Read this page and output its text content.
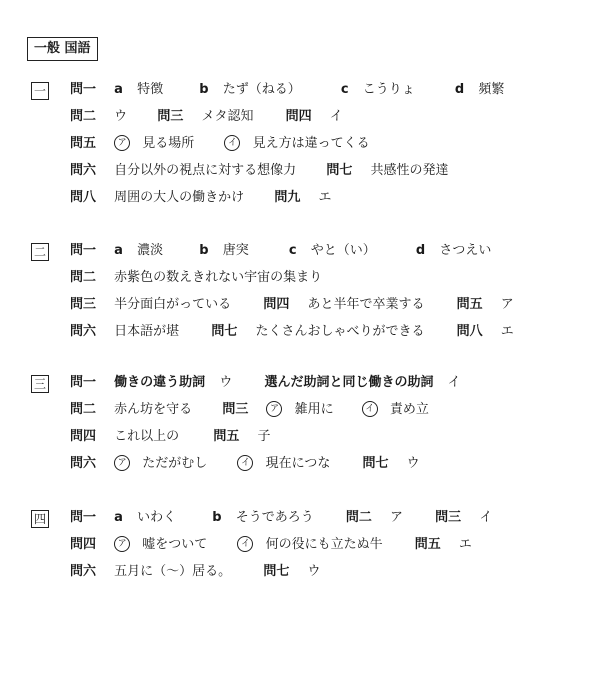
一般 国語
一 問一 a 特徴	b たず（ねる）	c こうりょ	d 頻繁
問二 ウ 問三 メタ認知 問四 イ
問五 ア 見る場所	イ 見え方は違ってくる
問六 自分以外の視点に対する想像力 問七 共感性の発達
問八 周囲の大人の働きかけ 問九 エ
二 問一 a 濃淡	b 唐突	c やと（い）	d さつえい
問二 赤紫色の数えきれない宇宙の集まり
問三 半分面白がっている 問四 あと半年で卒業する 問五 ア
問六 日本語が堪 問七 たくさんおしゃべりができる 問八 エ
三 問一 働きの違う助詞 ウ 選んだ助詞と同じ働きの助詞 イ
問二 赤ん坊を守る 問三 ア 雑用に	イ 責め立
問四 これ以上の	問五 子
問六 ア ただがむし	イ 現在につな 問七 ウ
四 問一 a いわく	b そうであろう 問二 ア 問三 イ
問四 ア 嘘をついて	イ 何の役にも立たぬ牛 問五 エ
問六 五月に（～）居る。 問七 ウ
